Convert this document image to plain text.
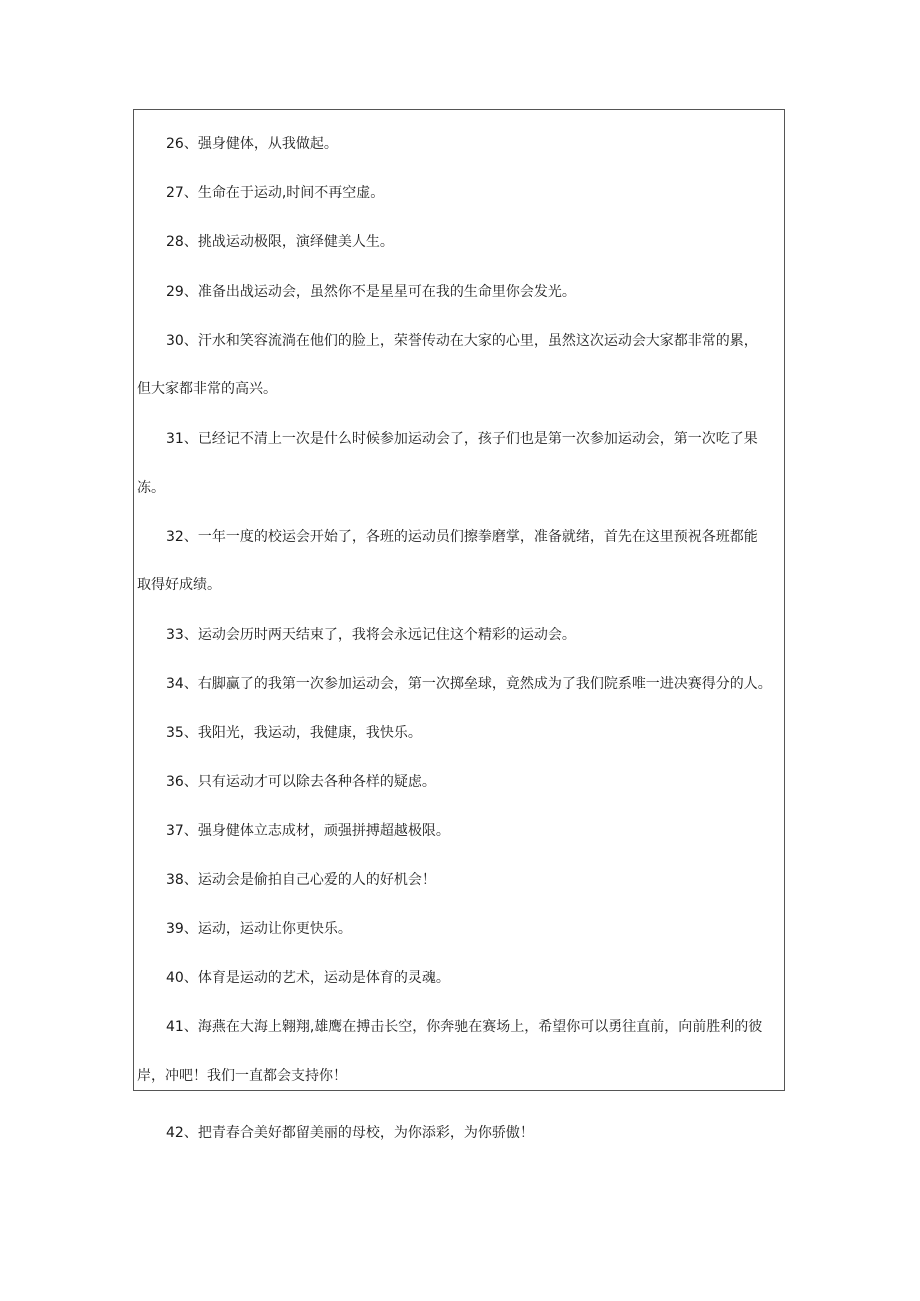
26、强身健体，从我做起。
27、生命在于运动,时间不再空虚。
28、挑战运动极限，演绎健美人生。
29、准备出战运动会，虽然你不是星星可在我的生命里你会发光。
30、汗水和笑容流淌在他们的脸上，荣誉传动在大家的心里，虽然这次运动会大家都非常的累，
但大家都非常的高兴。
31、已经记不清上一次是什么时候参加运动会了，孩子们也是第一次参加运动会，第一次吃了果
冻。
32、一年一度的校运会开始了，各班的运动员们擦拳磨掌，准备就绪，首先在这里预祝各班都能
取得好成绩。
33、运动会历时两天结束了，我将会永远记住这个精彩的运动会。
34、右脚赢了的我第一次参加运动会，第一次掷垒球，竟然成为了我们院系唯一进决赛得分的人。
35、我阳光，我运动，我健康，我快乐。
36、只有运动才可以除去各种各样的疑虑。
37、强身健体立志成材，顽强拼搏超越极限。
38、运动会是偷拍自己心爱的人的好机会！
39、运动，运动让你更快乐。
40、体育是运动的艺术，运动是体育的灵魂。
41、海燕在大海上翱翔,雄鹰在搏击长空，你奔驰在赛场上，希望你可以勇往直前，向前胜利的彼
岸，冲吧！我们一直都会支持你！
42、把青春合美好都留美丽的母校，为你添彩，为你骄傲！
